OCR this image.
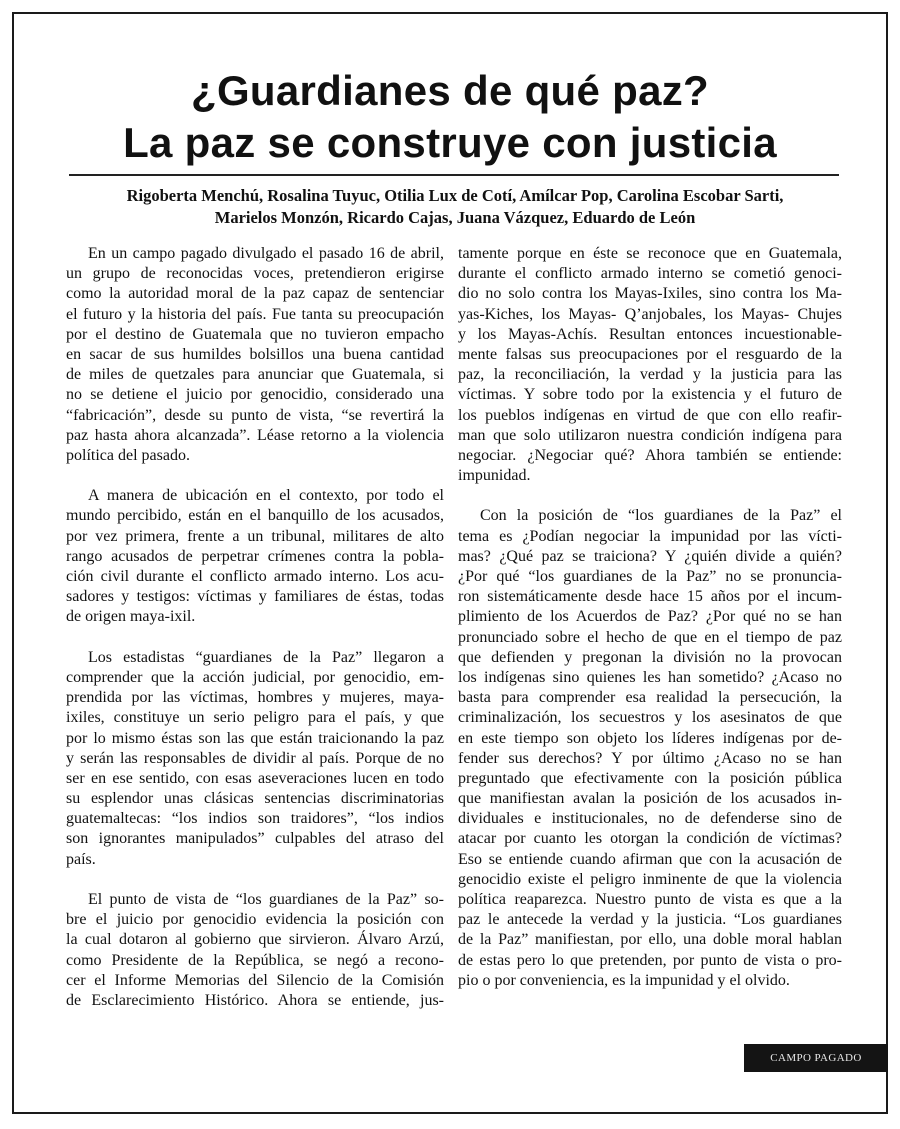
¿Guardianes de qué paz?
La paz se construye con justicia

Rigoberta Menchú, Rosalina Tuyuc, Otilia Lux de Cotí, Amílcar Pop, Carolina Escobar Sarti,

Marielos Monzón, Ricardo Cajas, Juana Vázquez, Eduardo de León

En un campo pagado divulgado el pasado 16 de abril,
un grupo de reconocidas voces, pretendieron erigirse
como la autoridad moral de la paz capaz de sentenciar
el futuro y la historia del país. Fue tanta su preocupación
por el destino de Guatemala que no tuvieron empacho
en sacar de sus humildes bolsillos una buena cantidad
de miles de quetzales para anunciar que Guatemala, si
no se detiene el juicio por genocidio, considerado una
“fabricación”, desde su punto de vista, “se revertirá la
paz hasta ahora alcanzada”. Léase retorno a la violencia
política del pasado.
A manera de ubicación en el contexto, por todo el
mundo percibido, están en el banquillo de los acusados,
por vez primera, frente a un tribunal, militares de alto
rango acusados de perpetrar crímenes contra la pobla-
ción civil durante el conflicto armado interno. Los acu-
sadores y testigos: víctimas y familiares de éstas, todas
de origen maya-ixil.
Los estadistas “guardianes de la Paz” llegaron a
comprender que la acción judicial, por genocidio, em-
prendida por las víctimas, hombres y mujeres, maya-
ixiles, constituye un serio peligro para el país, y que
por lo mismo éstas son las que están traicionando la paz
y serán las responsables de dividir al país. Porque de no
ser en ese sentido, con esas aseveraciones lucen en todo
su esplendor unas clásicas sentencias discriminatorias
guatemaltecas: “los indios son traidores”, “los indios
son ignorantes manipulados” culpables del atraso del
país.
El punto de vista de “los guardianes de la Paz” so-
bre el juicio por genocidio evidencia la posición con
la cual dotaron al gobierno que sirvieron. Álvaro Arzú,
como Presidente de la República, se negó a recono-
cer el Informe Memorias del Silencio de la Comisión
de Esclarecimiento Histórico. Ahora se entiende, jus-
tamente porque en éste se reconoce que en Guatemala,
durante el conflicto armado interno se cometió genoci-
dio no solo contra los Mayas-Ixiles, sino contra los Ma-
yas-Kiches, los Mayas- Q’anjobales, los Mayas- Chujes
y los Mayas-Achís. Resultan entonces incuestionable-
mente falsas sus preocupaciones por el resguardo de la
paz, la reconciliación, la verdad y la justicia para las
víctimas. Y sobre todo por la existencia y el futuro de
los pueblos indígenas en virtud de que con ello reafir-
man que solo utilizaron nuestra condición indígena para
negociar. ¿Negociar qué? Ahora también se entiende:
impunidad.
Con la posición de “los guardianes de la Paz” el
tema es ¿Podían negociar la impunidad por las vícti-
mas? ¿Qué paz se traiciona? Y ¿quién divide a quién?
¿Por qué “los guardianes de la Paz” no se pronuncia-
ron sistemáticamente desde hace 15 años por el incum-
plimiento de los Acuerdos de Paz? ¿Por qué no se han
pronunciado sobre el hecho de que en el tiempo de paz
que defienden y pregonan la división no la provocan
los indígenas sino quienes les han sometido? ¿Acaso no
basta para comprender esa realidad la persecución, la
criminalización, los secuestros y los asesinatos de que
en este tiempo son objeto los líderes indígenas por de-
fender sus derechos? Y por último ¿Acaso no se han
preguntado que efectivamente con la posición pública
que manifiestan avalan la posición de los acusados in-
dividuales e institucionales, no de defenderse sino de
atacar por cuanto les otorgan la condición de víctimas?
Eso se entiende cuando afirman que con la acusación de
genocidio existe el peligro inminente de que la violencia
política reaparezca. Nuestro punto de vista es que a la
paz le antecede la verdad y la justicia. “Los guardianes
de la Paz” manifiestan, por ello, una doble moral hablan
de estas pero lo que pretenden, por punto de vista o pro-
pio o por conveniencia, es la impunidad y el olvido.
CAMPO PAGADO
